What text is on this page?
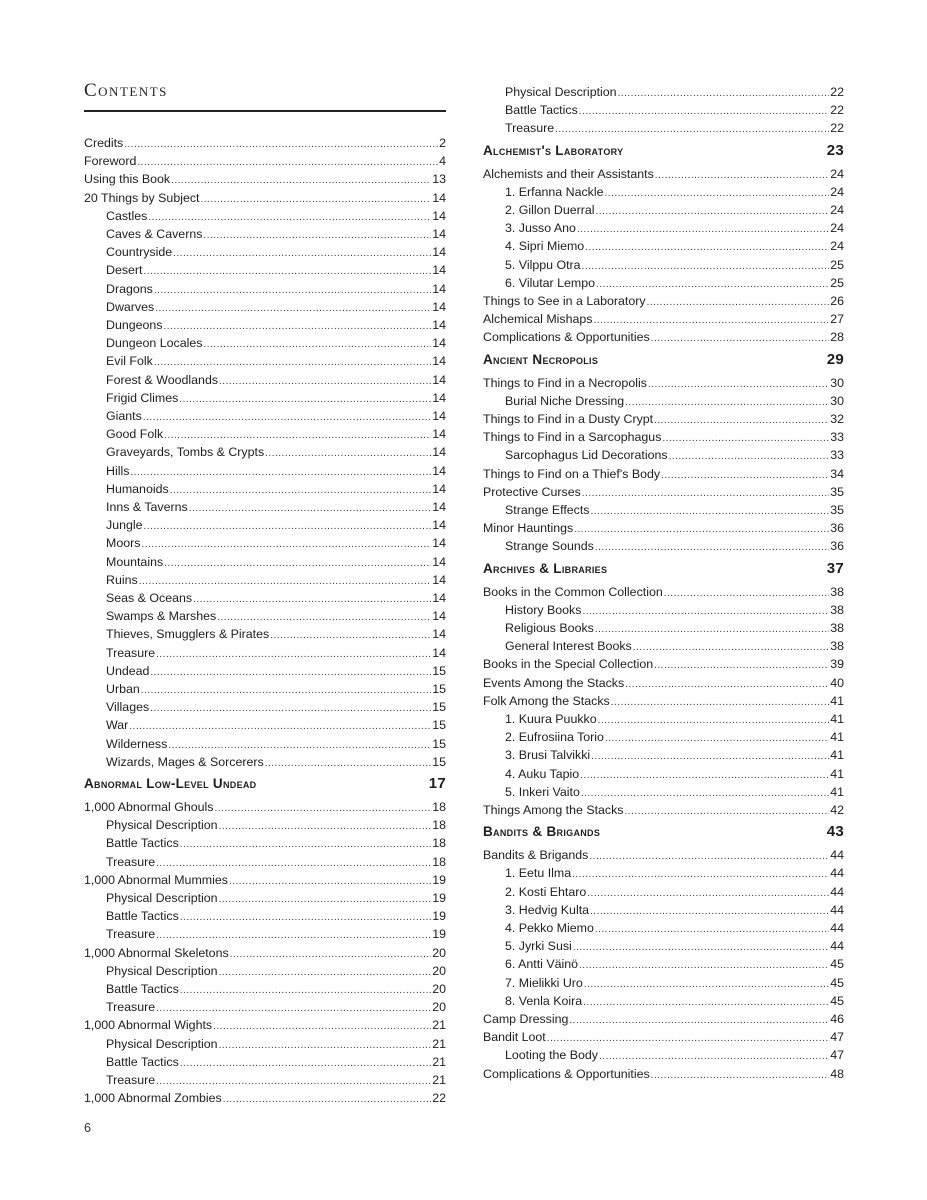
Contents
Credits .....	2
Foreword .....	4
Using this Book .....	13
20 Things by Subject .....	14
Castles .....	14
Caves & Caverns .....	14
Countryside .....	14
Desert .....	14
Dragons .....	14
Dwarves .....	14
Dungeons .....	14
Dungeon Locales .....	14
Evil Folk .....	14
Forest & Woodlands .....	14
Frigid Climes .....	14
Giants .....	14
Good Folk .....	14
Graveyards, Tombs & Crypts .....	14
Hills .....	14
Humanoids .....	14
Inns & Taverns .....	14
Jungle .....	14
Moors .....	14
Mountains .....	14
Ruins .....	14
Seas & Oceans .....	14
Swamps & Marshes .....	14
Thieves, Smugglers & Pirates .....	14
Treasure .....	14
Undead .....	15
Urban .....	15
Villages .....	15
War .....	15
Wilderness .....	15
Wizards, Mages & Sorcerers .....	15
Abnormal Low-Level Undead	17
1,000 Abnormal Ghouls .....	18
Physical Description .....	18
Battle Tactics .....	18
Treasure .....	18
1,000 Abnormal Mummies .....	19
Physical Description .....	19
Battle Tactics .....	19
Treasure .....	19
1,000 Abnormal Skeletons .....	20
Physical Description .....	20
Battle Tactics .....	20
Treasure .....	20
1,000 Abnormal Wights .....	21
Physical Description .....	21
Battle Tactics .....	21
Treasure .....	21
1,000 Abnormal Zombies .....	22
Physical Description .....	22
Battle Tactics .....	22
Treasure .....	22
Alchemist's Laboratory	23
Alchemists and their Assistants .....	24
1. Erfanna Nackle .....	24
2. Gillon Duerral .....	24
3. Jusso Ano .....	24
4. Sipri Miemo .....	24
5. Vilppu Otra .....	25
6. Vilutar Lempo .....	25
Things to See in a Laboratory .....	26
Alchemical Mishaps .....	27
Complications & Opportunities .....	28
Ancient Necropolis	29
Things to Find in a Necropolis .....	30
Burial Niche Dressing .....	30
Things to Find in a Dusty Crypt .....	32
Things to Find in a Sarcophagus .....	33
Sarcophagus Lid Decorations .....	33
Things to Find on a Thief's Body .....	34
Protective Curses .....	35
Strange Effects .....	35
Minor Hauntings .....	36
Strange Sounds .....	36
Archives & Libraries	37
Books in the Common Collection .....	38
History Books .....	38
Religious Books .....	38
General Interest Books .....	38
Books in the Special Collection .....	39
Events Among the Stacks .....	40
Folk Among the Stacks .....	41
1. Kuura Puukko .....	41
2. Eufrosiina Torio .....	41
3. Brusi Talvikki .....	41
4. Auku Tapio .....	41
5. Inkeri Vaito .....	41
Things Among the Stacks .....	42
Bandits & Brigands	43
Bandits & Brigands .....	44
1. Eetu Ilma .....	44
2. Kosti Ehtaro .....	44
3. Hedvig Kulta .....	44
4. Pekko Miemo .....	44
5. Jyrki Susi .....	44
6. Antti Väinö .....	45
7. Mielikki Uro .....	45
8. Venla Koira .....	45
Camp Dressing .....	46
Bandit Loot .....	47
Looting the Body .....	47
Complications & Opportunities .....	48
6
